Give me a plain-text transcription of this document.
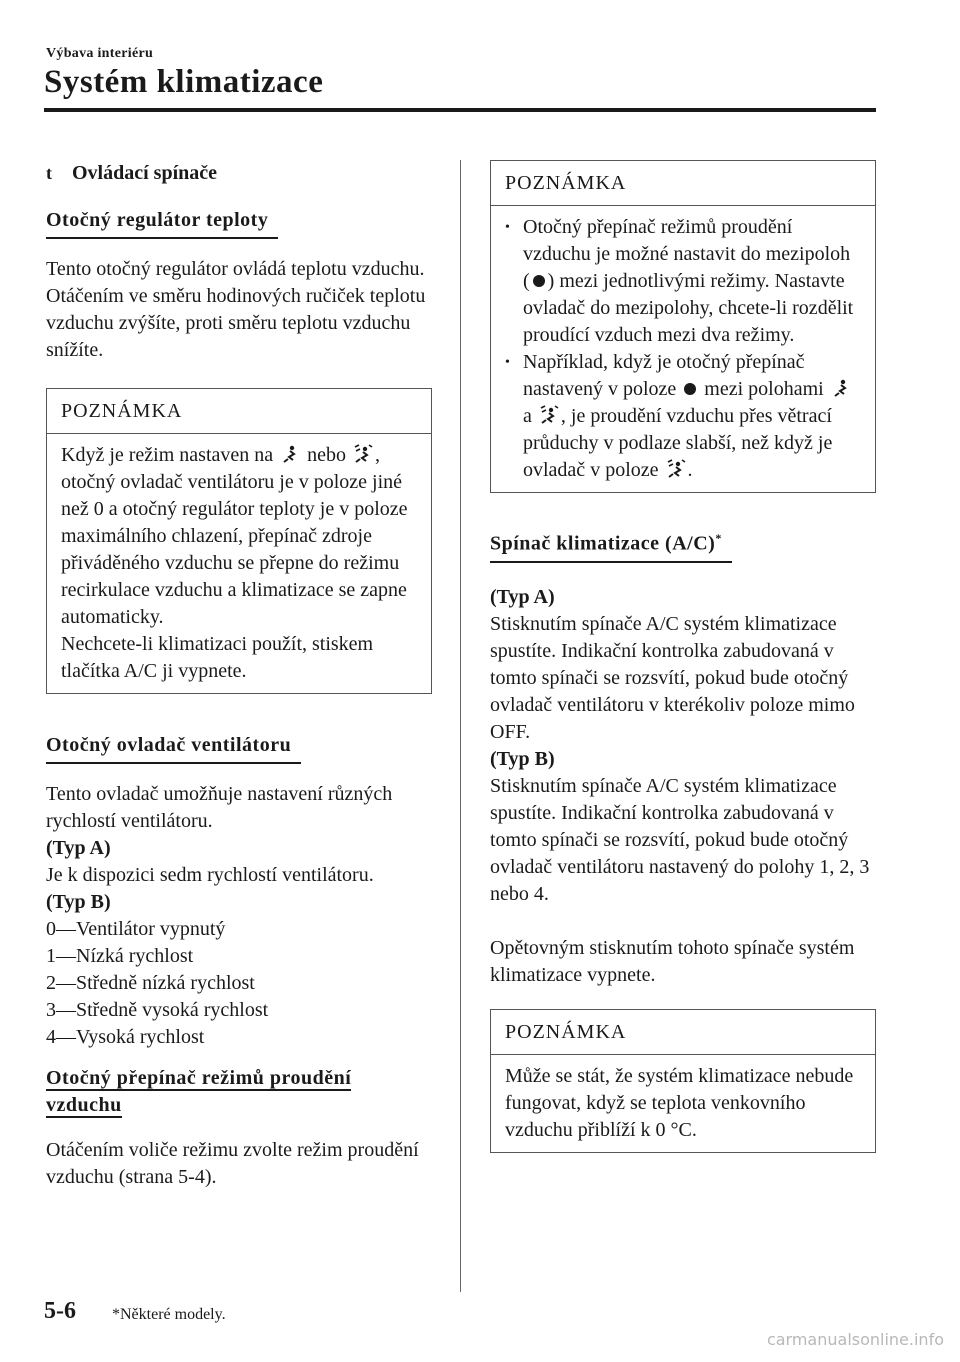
Výbava interiéru
Systém klimatizace
t	Ovládací spínače
Otočný regulátor teploty

Tento otočný regulátor ovládá teplotu vzduchu. Otáčením ve směru hodinových ručiček teplotu vzduchu zvýšíte, proti směru teplotu vzduchu snížíte.

POZNÁMKA

Když je režim nastaven na nebo , otočný ovladač ventilátoru je v poloze jiné než 0 a otočný regulátor teploty je v poloze maximálního chlazení, přepínač zdroje přiváděného vzduchu se přepne do režimu recirkulace vzduchu a klimatizace se zapne automaticky.

Nechcete-li klimatizaci použít, stiskem tlačítka A/C ji vypnete.

Otočný ovladač ventilátoru

Tento ovladač umožňuje nastavení různých rychlostí ventilátoru.

(Typ A)

Je k dispozici sedm rychlostí ventilátoru.

(Typ B)

0—Ventilátor vypnutý

1—Nízká rychlost

2—Středně nízká rychlost

3—Středně vysoká rychlost

4—Vysoká rychlost

Otočný přepínač režimů proudění
vzduchu

Otáčením voliče režimu zvolte režim proudění vzduchu (strana 5-4).

POZNÁMKA
• Otočný přepínač režimů proudění vzduchu je možné nastavit do mezipoloh ( ) mezi jednotlivými režimy. Nastavte ovladač do mezipolohy, chcete-li rozdělit proudící vzduch mezi dva režimy.

• Například, když je otočný přepínač nastavený v poloze mezi polohami  a , je proudění vzduchu přes větrací průduchy v podlaze slabší, než když je ovladač v poloze .

Spínač klimatizace (A/C)*

(Typ A)

Stisknutím spínače A/C systém klimatizace spustíte. Indikační kontrolka zabudovaná v tomto spínači se rozsvítí, pokud bude otočný ovladač ventilátoru v kterékoliv poloze mimo OFF.

(Typ B)

Stisknutím spínače A/C systém klimatizace spustíte. Indikační kontrolka zabudovaná v tomto spínači se rozsvítí, pokud bude otočný ovladač ventilátoru nastavený do polohy 1, 2, 3 nebo 4.

Opětovným stisknutím tohoto spínače systém klimatizace vypnete.

POZNÁMKA

Může se stát, že systém klimatizace nebude fungovat, když se teplota venkovního vzduchu přiblíží k 0 °C.

5-6 *Některé modely.
carmanualsonline.info
